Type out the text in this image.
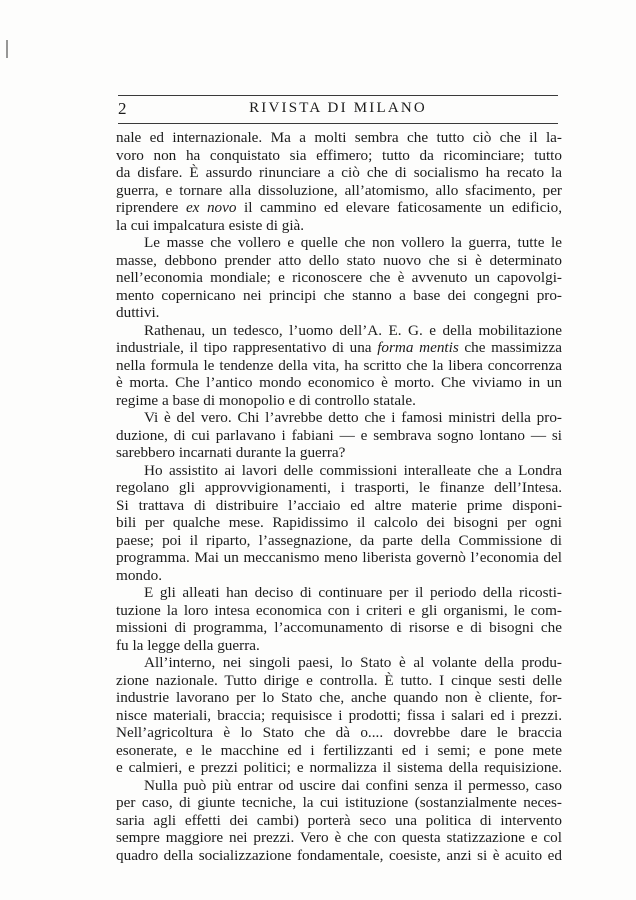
2	RIVISTA DI MILANO
nale ed internazionale. Ma a molti sembra che tutto ciò che il la-
voro non ha conquistato sia effimero; tutto da ricominciare; tutto
da disfare. È assurdo rinunciare a ciò che di socialismo ha recato la
guerra, e tornare alla dissoluzione, all’atomismo, allo sfacimento, per
riprendere ex novo il cammino ed elevare faticosamente un edificio,
la cui impalcatura esiste di già.
Le masse che vollero e quelle che non vollero la guerra, tutte le
masse, debbono prender atto dello stato nuovo che si è determinato
nell’economia mondiale; e riconoscere che è avvenuto un capovolgi-
mento copernicano nei principi che stanno a base dei congegni pro-
duttivi.
Rathenau, un tedesco, l’uomo dell’A. E. G. e della mobilitazione
industriale, il tipo rappresentativo di una forma mentis che massimizza
nella formula le tendenze della vita, ha scritto che la libera concorrenza
è morta. Che l’antico mondo economico è morto. Che viviamo in un
regime a base di monopolio e di controllo statale.
Vi è del vero. Chi l’avrebbe detto che i famosi ministri della pro-
duzione, di cui parlavano i fabiani — e sembrava sogno lontano — si
sarebbero incarnati durante la guerra?
Ho assistito ai lavori delle commissioni interalleate che a Londra
regolano gli approvvigionamenti, i trasporti, le finanze dell’Intesa.
Si trattava di distribuire l’acciaio ed altre materie prime disponi-
bili per qualche mese. Rapidissimo il calcolo dei bisogni per ogni
paese; poi il riparto, l’assegnazione, da parte della Commissione di
programma. Mai un meccanismo meno liberista governò l’economia del
mondo.
E gli alleati han deciso di continuare per il periodo della ricosti-
tuzione la loro intesa economica con i criteri e gli organismi, le com-
missioni di programma, l’accomunamento di risorse e di bisogni che
fu la legge della guerra.
All’interno, nei singoli paesi, lo Stato è al volante della produ-
zione nazionale. Tutto dirige e controlla. È tutto. I cinque sesti delle
industrie lavorano per lo Stato che, anche quando non è cliente, for-
nisce materiali, braccia; requisisce i prodotti; fissa i salari ed i prezzi.
Nell’agricoltura è lo Stato che dà o.... dovrebbe dare le braccia
esonerate, e le macchine ed i fertilizzanti ed i semi; e pone mete
e calmieri, e prezzi politici; e normalizza il sistema della requisizione.
Nulla può più entrar od uscire dai confini senza il permesso, caso
per caso, di giunte tecniche, la cui istituzione (sostanzialmente neces-
saria agli effetti dei cambi) porterà seco una politica di intervento
sempre maggiore nei prezzi. Vero è che con questa statizzazione e col
quadro della socializzazione fondamentale, coesiste, anzi si è acuito ed
